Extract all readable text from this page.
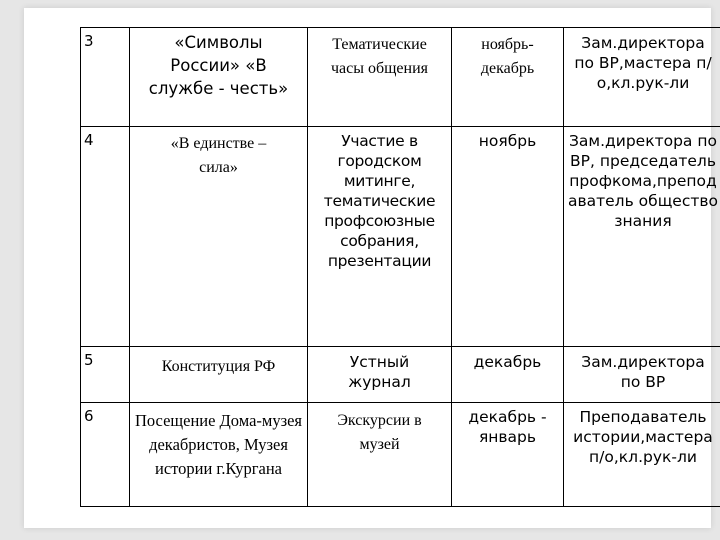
3	«Символы России» «В службе - честь»	Тематические часы общения	ноябрь-декабрь	Зам.директора по ВР,мастера п/о,кл.рук-ли
4	«В единстве – сила»	Участие в городском митинге, тематические профсоюзные собрания, презентации	ноябрь	Зам.директора по ВР, председатель профкома,преподаватель обществознания
5	Конституция РФ	Устный журнал	декабрь	Зам.директора по ВР
6	Посещение Дома-музея декабристов, Музея истории г.Кургана	Экскурсии в музей	декабрь - январь	Преподаватель истории,мастера п/о,кл.рук-ли
